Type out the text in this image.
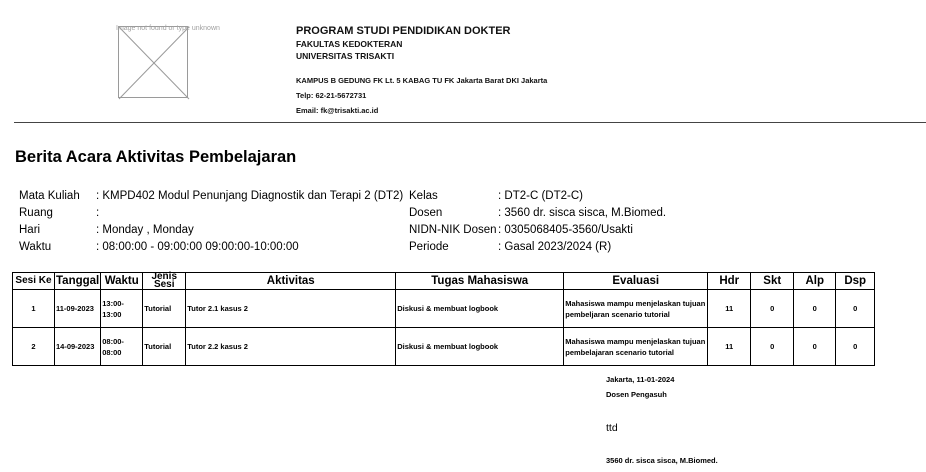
Image not found or type unknown	PROGRAM STUDI PENDIDIKAN DOKTER
FAKULTAS KEDOKTERAN
UNIVERSITAS TRISAKTI
KAMPUS B GEDUNG FK Lt. 5 KABAG TU FK Jakarta Barat DKI Jakarta
Telp: 62-21-5672731
Email: fk@trisakti.ac.id
Berita Acara Aktivitas Pembelajaran
Mata Kuliah	: KMPD402 Modul Penunjang Diagnostik dan Terapi 2 (DT2)
Ruang	:
Hari	: Monday , Monday
Waktu	: 08:00:00 - 09:00:00 09:00:00-10:00:00
Kelas	: DT2-C (DT2-C)
Dosen	: 3560 dr. sisca sisca, M.Biomed.
NIDN-NIK Dosen : 0305068405-3560/Usakti
Periode	: Gasal 2023/2024 (R)
Sesi Ke	Tanggal	Waktu	Jenis Sesi	Aktivitas	Tugas Mahasiswa	Evaluasi	Hdr	Skt	Alp	Dsp
1	11-09-2023	13:00-13:00	Tutorial	Tutor 2.1 kasus 2	Diskusi & membuat logbook	Mahasiswa mampu menjelaskan tujuan pembeljaran scenario tutorial	11	0	0	0
2	14-09-2023	08:00-08:00	Tutorial	Tutor 2.2 kasus 2	Diskusi & membuat logbook	Mahasiswa mampu menjelaskan tujuan pembelajaran scenario tutorial	11	0	0	0
Jakarta, 11-01-2024
Dosen Pengasuh
ttd
3560 dr. sisca sisca, M.Biomed.
